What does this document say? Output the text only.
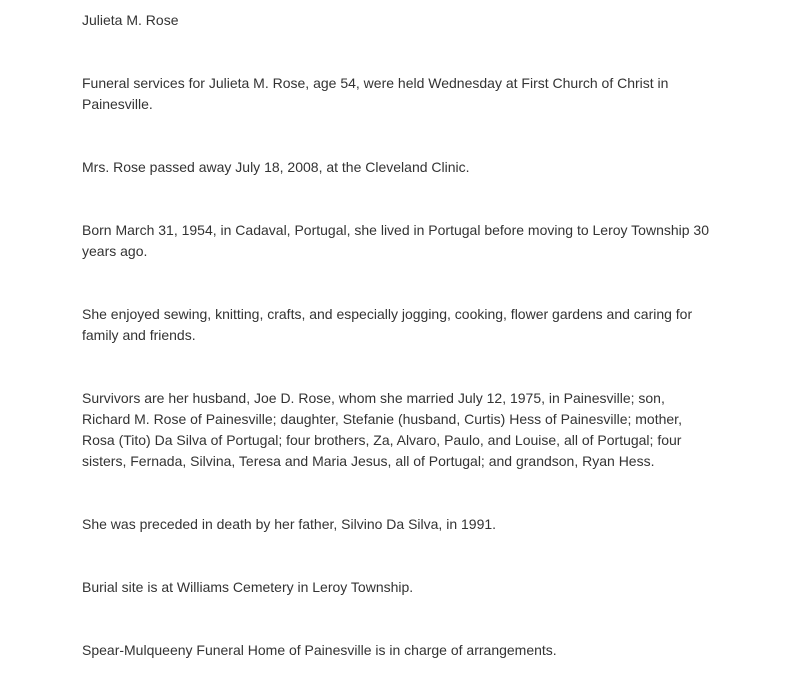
Julieta M. Rose

Funeral services for Julieta M. Rose, age 54, were held Wednesday at First Church of Christ in Painesville.

Mrs. Rose passed away July 18, 2008, at the Cleveland Clinic.

Born March 31, 1954, in Cadaval, Portugal, she lived in Portugal before moving to Leroy Township 30 years ago.

She enjoyed sewing, knitting, crafts, and especially jogging, cooking, flower gardens and caring for family and friends.

Survivors are her husband, Joe D. Rose, whom she married July 12, 1975, in Painesville; son, Richard M. Rose of Painesville; daughter, Stefanie (husband, Curtis) Hess of Painesville; mother, Rosa (Tito) Da Silva of Portugal; four brothers, Za, Alvaro, Paulo, and Louise, all of Portugal; four sisters, Fernada, Silvina, Teresa and Maria Jesus, all of Portugal; and grandson, Ryan Hess.

She was preceded in death by her father, Silvino Da Silva, in 1991.

Burial site is at Williams Cemetery in Leroy Township.

Spear-Mulqueeny Funeral Home of Painesville is in charge of arrangements.
